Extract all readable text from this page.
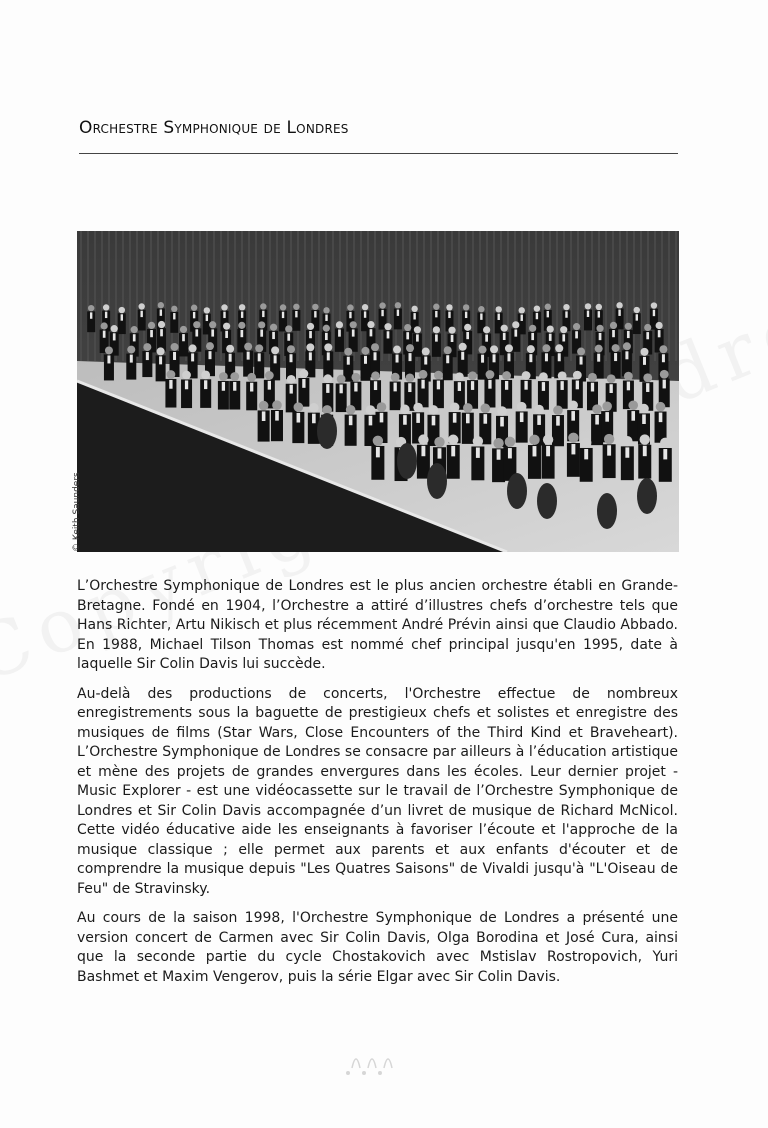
Orchestre Symphonique de Londres
© Keith Saunders

L’Orchestre Symphonique de Londres est le plus ancien orchestre établi en Grande-Bretagne. Fondé en 1904, l’Orchestre a attiré d’illustres chefs d’orchestre tels que Hans Richter, Artu Nikisch et plus récemment André Prévin ainsi que Claudio Abbado. En 1988, Michael Tilson Thomas est nommé chef principal jusqu'en 1995, date à laquelle Sir Colin Davis lui succède.

Au-delà des productions de concerts, l'Orchestre effectue de nombreux enregistrements sous la baguette de prestigieux chefs et solistes et enregistre des musiques de films (Star Wars, Close Encounters of the Third Kind et Braveheart). L’Orchestre Symphonique de Londres se consacre par ailleurs à l’éducation artistique et mène des projets de grandes envergures dans les écoles. Leur dernier projet - Music Explorer - est une vidéocassette sur le travail de l’Orchestre Symphonique de Londres et Sir Colin Davis accompagnée d’un livret de musique de Richard McNicol. Cette vidéo éducative aide les enseignants à favoriser l’écoute et l'approche de la musique classique ; elle permet aux parents et aux enfants d'écouter et de comprendre la musique depuis "Les Quatres Saisons" de Vivaldi jusqu'à "L'Oiseau de Feu" de Stravinsky.

Au cours de la saison 1998, l'Orchestre Symphonique de Londres a présenté une version concert de Carmen avec Sir Colin Davis, Olga Borodina et José Cura, ainsi que la seconde partie du cycle Chostakovich avec Mstislav Rostropovich, Yuri Bashmet et Maxim Vengerov, puis la série Elgar avec Sir Colin Davis.
